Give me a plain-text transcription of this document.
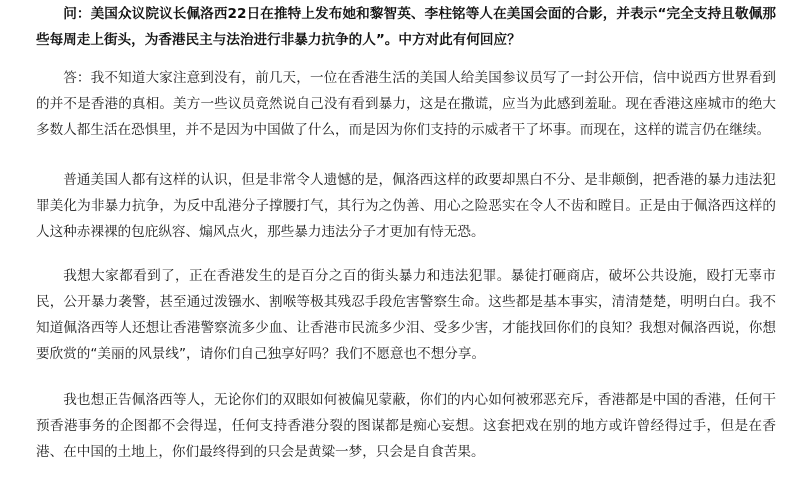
问：美国众议院议长佩洛西22日在推特上发布她和黎智英、李柱铭等人在美国会面的合影，并表示“完全支持且敬佩那些每周走上街头，为香港民主与法治进行非暴力抗争的人”。中方对此有何回应？

答：我不知道大家注意到没有，前几天，一位在香港生活的美国人给美国参议员写了一封公开信，信中说西方世界看到的并不是香港的真相。美方一些议员竟然说自己没有看到暴力，这是在撒谎，应当为此感到羞耻。现在香港这座城市的绝大多数人都生活在恐惧里，并不是因为中国做了什么，而是因为你们支持的示威者干了坏事。而现在，这样的谎言仍在继续。

普通美国人都有这样的认识，但是非常令人遗憾的是，佩洛西这样的政要却黑白不分、是非颠倒，把香港的暴力违法犯罪美化为非暴力抗争，为反中乱港分子撑腰打气，其行为之伪善、用心之险恶实在令人不齿和瞠目。正是由于佩洛西这样的人这种赤裸裸的包庇纵容、煽风点火，那些暴力违法分子才更加有恃无恐。

我想大家都看到了，正在香港发生的是百分之百的街头暴力和违法犯罪。暴徒打砸商店，破坏公共设施，殴打无辜市民，公开暴力袭警，甚至通过泼镪水、割喉等极其残忍手段危害警察生命。这些都是基本事实，清清楚楚，明明白白。我不知道佩洛西等人还想让香港警察流多少血、让香港市民流多少泪、受多少害，才能找回你们的良知？我想对佩洛西说，你想要欣赏的“美丽的风景线”，请你们自己独享好吗？我们不愿意也不想分享。

我也想正告佩洛西等人，无论你们的双眼如何被偏见蒙蔽，你们的内心如何被邪恶充斥，香港都是中国的香港，任何干预香港事务的企图都不会得逞，任何支持香港分裂的图谋都是痴心妄想。这套把戏在别的地方或许曾经得过手，但是在香港、在中国的土地上，你们最终得到的只会是黄粱一梦，只会是自食苦果。
